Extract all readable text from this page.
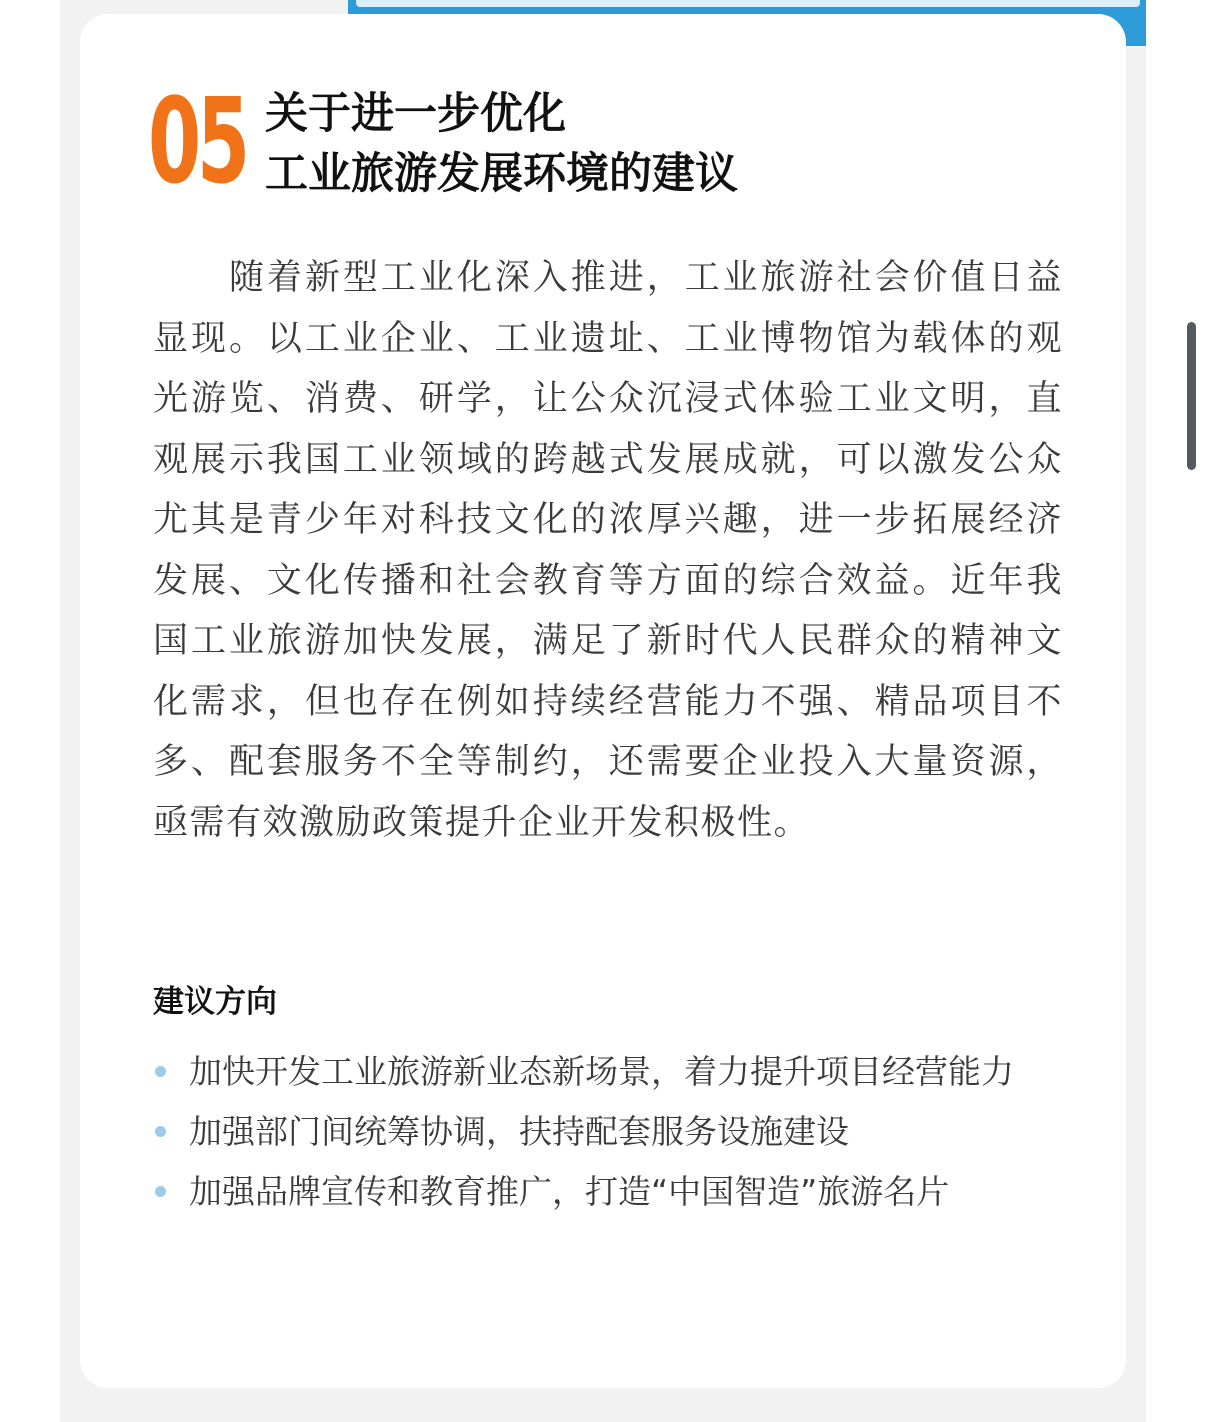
05 关于进一步优化
工业旅游发展环境的建议

随着新型工业化深入推进，工业旅游社会价值日益显现。以工业企业、工业遗址、工业博物馆为载体的观光游览、消费、研学，让公众沉浸式体验工业文明，直观展示我国工业领域的跨越式发展成就，可以激发公众尤其是青少年对科技文化的浓厚兴趣，进一步拓展经济发展、文化传播和社会教育等方面的综合效益。近年我国工业旅游加快发展，满足了新时代人民群众的精神文化需求，但也存在例如持续经营能力不强、精品项目不多、配套服务不全等制约，还需要企业投入大量资源，亟需有效激励政策提升企业开发积极性。

建议方向
加快开发工业旅游新业态新场景，着力提升项目经营能力
加强部门间统筹协调，扶持配套服务设施建设
加强品牌宣传和教育推广，打造“中国智造”旅游名片
